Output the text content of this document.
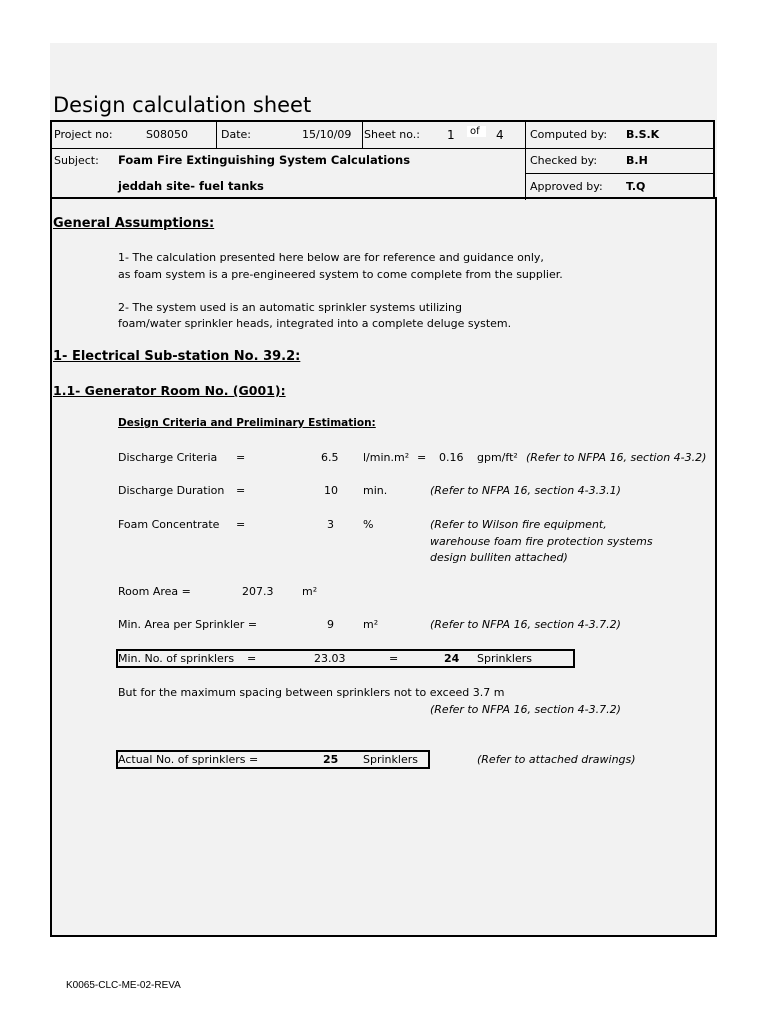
Design calculation sheet
Project no:	S08050	Date:	15/10/09 Sheet no.: 1	of	4 Computed by: B.S.K
Subject: Foam Fire Extinguishing System Calculations
jeddah site- fuel tanks
Checked by:	B.H
Approved by: T.Q
General Assumptions:
1- The calculation presented here below are for reference and guidance only,
as foam system is a pre-engineered system to come complete from the supplier.
2- The system used is an automatic sprinkler systems utilizing
foam/water sprinkler heads, integrated into a complete deluge system.
1- Electrical Sub-station No. 39.2:
1.1- Generator Room No. (G001):
Design Criteria and Preliminary Estimation:
Discharge Criteria =	6.5 l/min.m² = 0.16 gpm/ft² (Refer to NFPA 16, section 4-3.2)
Discharge Duration =	10 min.	(Refer to NFPA 16, section 4-3.3.1)
Foam Concentrate =	3	%	(Refer to Wilson fire equipment,
warehouse foam fire protection systems
design bulliten attached)
Room Area =	207.3	m²
Min. Area per Sprinkler =	9	m²	(Refer to NFPA 16, section 4-3.7.2)
Min. No. of sprinklers =	23.03	=	24 Sprinklers
But for the maximum spacing between sprinklers not to exceed 3.7 m
(Refer to NFPA 16, section 4-3.7.2)
Actual No. of sprinklers =	25 Sprinklers	(Refer to attached drawings)
K0065-CLC-ME-02-REVA
